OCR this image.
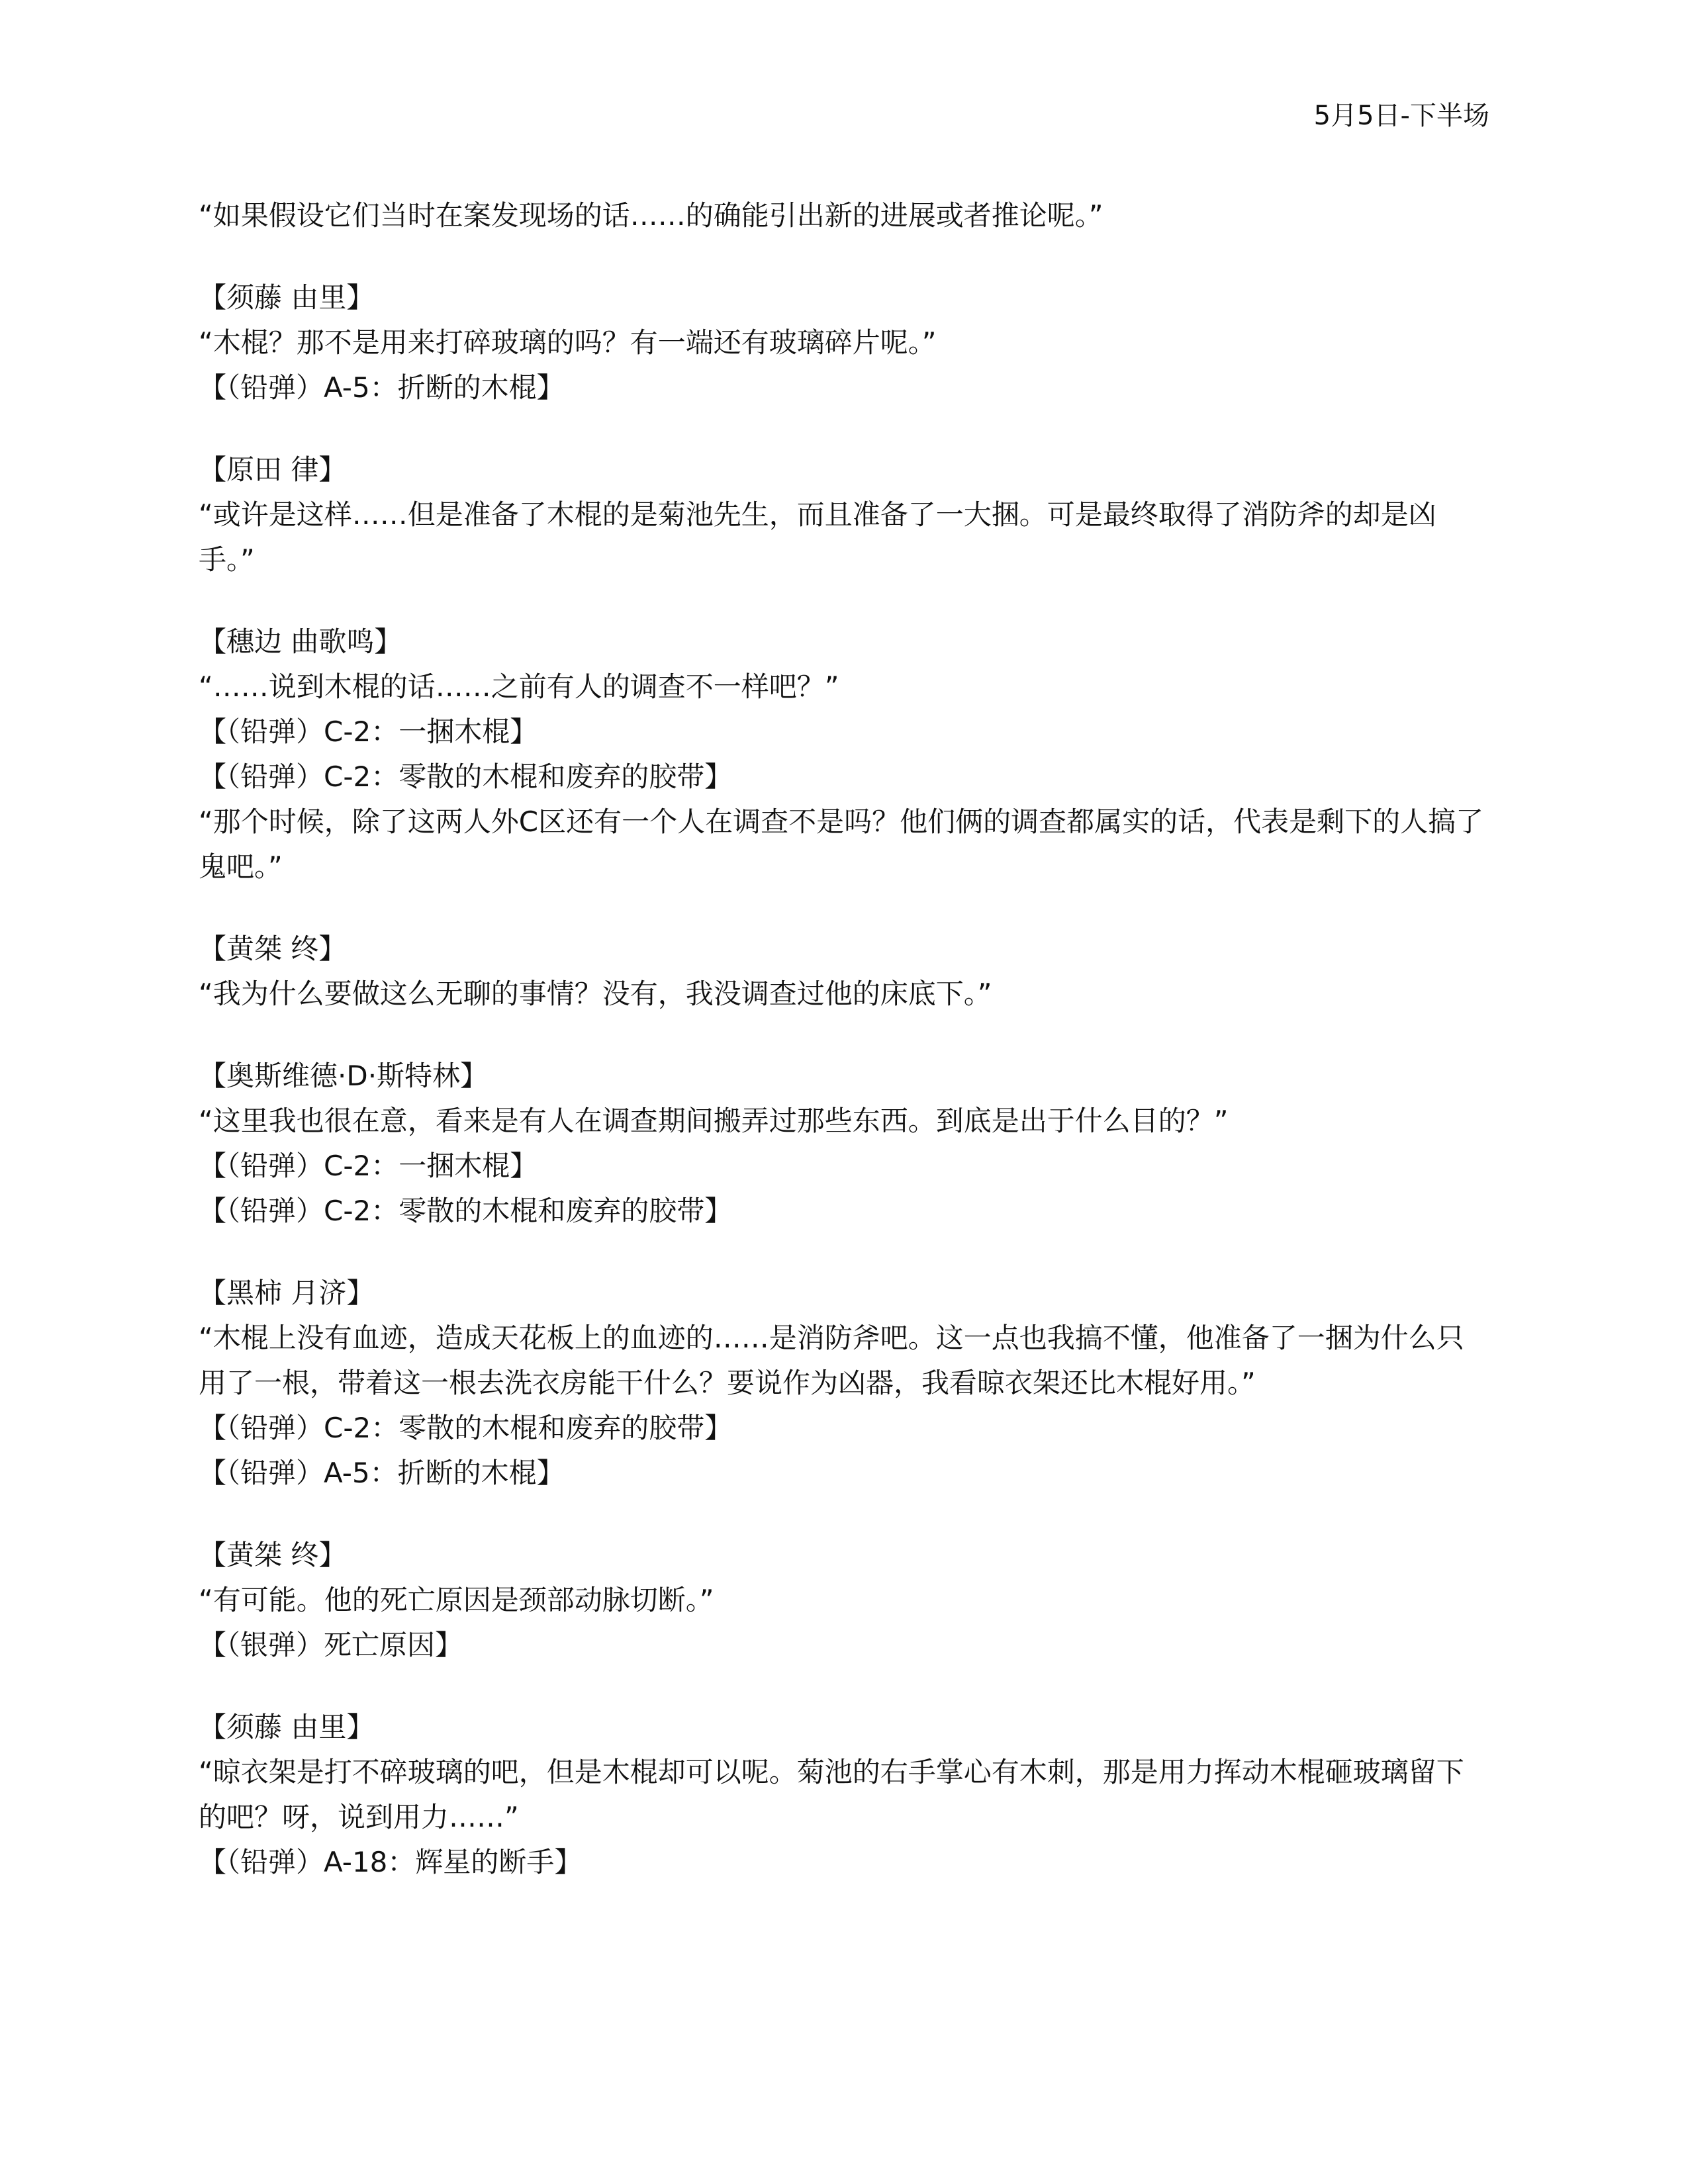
5月5日-下半场
“如果假设它们当时在案发现场的话……的确能引出新的进展或者推论呢。”
【须藤 由里】
“木棍？那不是用来打碎玻璃的吗？有一端还有玻璃碎片呢。”
【（铅弹）A-5：折断的木棍】
【原田 律】
“或许是这样……但是准备了木棍的是菊池先生，而且准备了一大捆。可是最终取得了消防斧的却是凶手。”
【穗边 曲歌鸣】
“……说到木棍的话……之前有人的调查不一样吧？”
【（铅弹）C-2：一捆木棍】
【（铅弹）C-2：零散的木棍和废弃的胶带】
“那个时候，除了这两人外C区还有一个人在调查不是吗？他们俩的调查都属实的话，代表是剩下的人搞了鬼吧。”
【黄桀 终】
“我为什么要做这么无聊的事情？没有，我没调查过他的床底下。”
【奥斯维德·D·斯特林】
“这里我也很在意，看来是有人在调查期间搬弄过那些东西。到底是出于什么目的？”
【（铅弹）C-2：一捆木棍】
【（铅弹）C-2：零散的木棍和废弃的胶带】
【黑柿 月济】
“木棍上没有血迹，造成天花板上的血迹的……是消防斧吧。这一点也我搞不懂，他准备了一捆为什么只用了一根，带着这一根去洗衣房能干什么？要说作为凶器，我看晾衣架还比木棍好用。”
【（铅弹）C-2：零散的木棍和废弃的胶带】
【（铅弹）A-5：折断的木棍】
【黄桀 终】
“有可能。他的死亡原因是颈部动脉切断。”
【（银弹）死亡原因】
【须藤 由里】
“晾衣架是打不碎玻璃的吧，但是木棍却可以呢。菊池的右手掌心有木刺，那是用力挥动木棍砸玻璃留下的吧？呀，说到用力……”
【（铅弹）A-18：辉星的断手】
